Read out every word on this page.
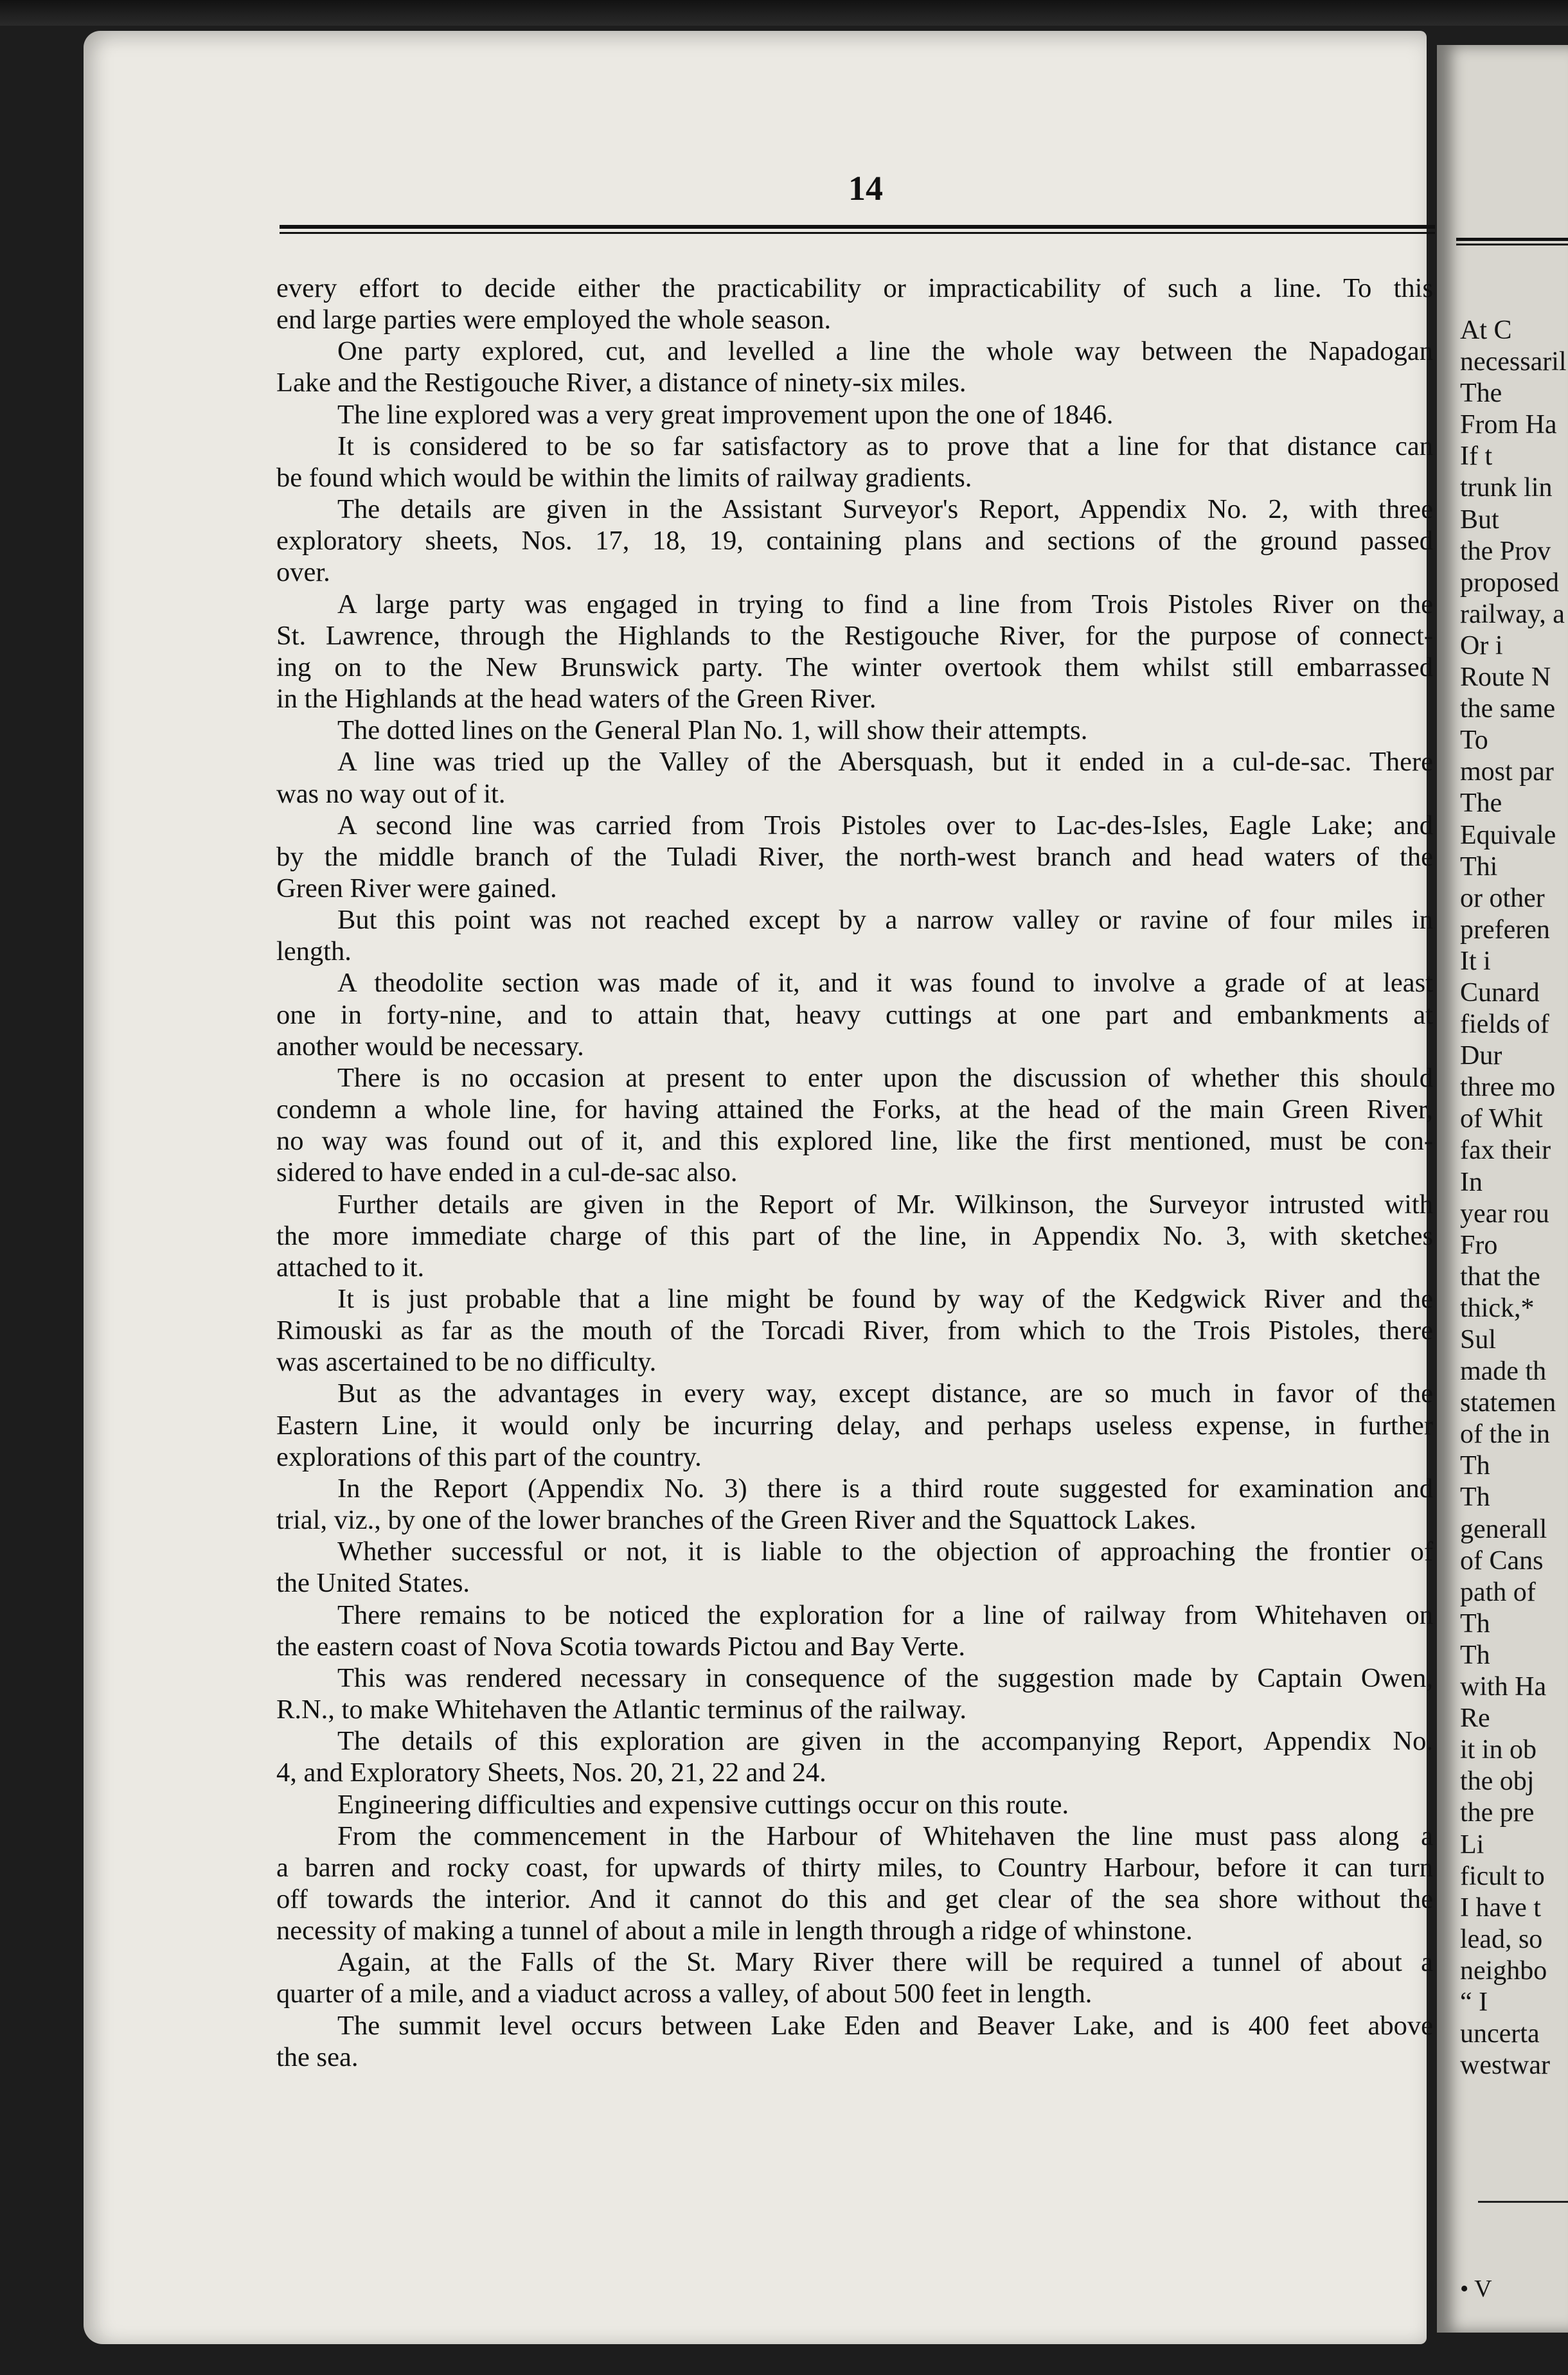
At C
necessaril
The
From Ha
If t
trunk lin
But
the Prov
proposed
railway, a
Or i
Route N
the same
To
most par
The
Equivale
Thi
or other
preferen
It i
Cunard
fields of
Dur
three mo
of Whit
fax their
In
year rou
Fro
that the
thick,*
Sul
made th
statemen
of the in
Th
Th
generall
of Cans
path of
Th
Th
with Ha
Re
it in ob
the obj
the pre
Li
ficult to
I have t
lead, so
neighbo
“ I
uncerta
westwar
• V
14
every effort to decide either the practicability or impracticability of such a line. To this
end large parties were employed the whole season.
One party explored, cut, and levelled a line the whole way between the Napadogan
Lake and the Restigouche River, a distance of ninety-six miles.
The line explored was a very great improvement upon the one of 1846.
It is considered to be so far satisfactory as to prove that a line for that distance can
be found which would be within the limits of railway gradients.
The details are given in the Assistant Surveyor's Report, Appendix No. 2, with three
exploratory sheets, Nos. 17, 18, 19, containing plans and sections of the ground passed
over.
A large party was engaged in trying to find a line from Trois Pistoles River on the
St. Lawrence, through the Highlands to the Restigouche River, for the purpose of connect-
ing on to the New Brunswick party. The winter overtook them whilst still embarrassed
in the Highlands at the head waters of the Green River.
The dotted lines on the General Plan No. 1, will show their attempts.
A line was tried up the Valley of the Abersquash, but it ended in a cul-de-sac. There
was no way out of it.
A second line was carried from Trois Pistoles over to Lac-des-Isles, Eagle Lake; and
by the middle branch of the Tuladi River, the north-west branch and head waters of the
Green River were gained.
But this point was not reached except by a narrow valley or ravine of four miles in
length.
A theodolite section was made of it, and it was found to involve a grade of at least
one in forty-nine, and to attain that, heavy cuttings at one part and embankments at
another would be necessary.
There is no occasion at present to enter upon the discussion of whether this should
condemn a whole line, for having attained the Forks, at the head of the main Green River,
no way was found out of it, and this explored line, like the first mentioned, must be con-
sidered to have ended in a cul-de-sac also.
Further details are given in the Report of Mr. Wilkinson, the Surveyor intrusted with
the more immediate charge of this part of the line, in Appendix No. 3, with sketches
attached to it.
It is just probable that a line might be found by way of the Kedgwick River and the
Rimouski as far as the mouth of the Torcadi River, from which to the Trois Pistoles, there
was ascertained to be no difficulty.
But as the advantages in every way, except distance, are so much in favor of the
Eastern Line, it would only be incurring delay, and perhaps useless expense, in further
explorations of this part of the country.
In the Report (Appendix No. 3) there is a third route suggested for examination and
trial, viz., by one of the lower branches of the Green River and the Squattock Lakes.
Whether successful or not, it is liable to the objection of approaching the frontier of
the United States.
There remains to be noticed the exploration for a line of railway from Whitehaven on
the eastern coast of Nova Scotia towards Pictou and Bay Verte.
This was rendered necessary in consequence of the suggestion made by Captain Owen,
R.N., to make Whitehaven the Atlantic terminus of the railway.
The details of this exploration are given in the accompanying Report, Appendix No.
4, and Exploratory Sheets, Nos. 20, 21, 22 and 24.
Engineering difficulties and expensive cuttings occur on this route.
From the commencement in the Harbour of Whitehaven the line must pass along a
a barren and rocky coast, for upwards of thirty miles, to Country Harbour, before it can turn
off towards the interior. And it cannot do this and get clear of the sea shore without the
necessity of making a tunnel of about a mile in length through a ridge of whinstone.
Again, at the Falls of the St. Mary River there will be required a tunnel of about a
quarter of a mile, and a viaduct across a valley, of about 500 feet in length.
The summit level occurs between Lake Eden and Beaver Lake, and is 400 feet above
the sea.
